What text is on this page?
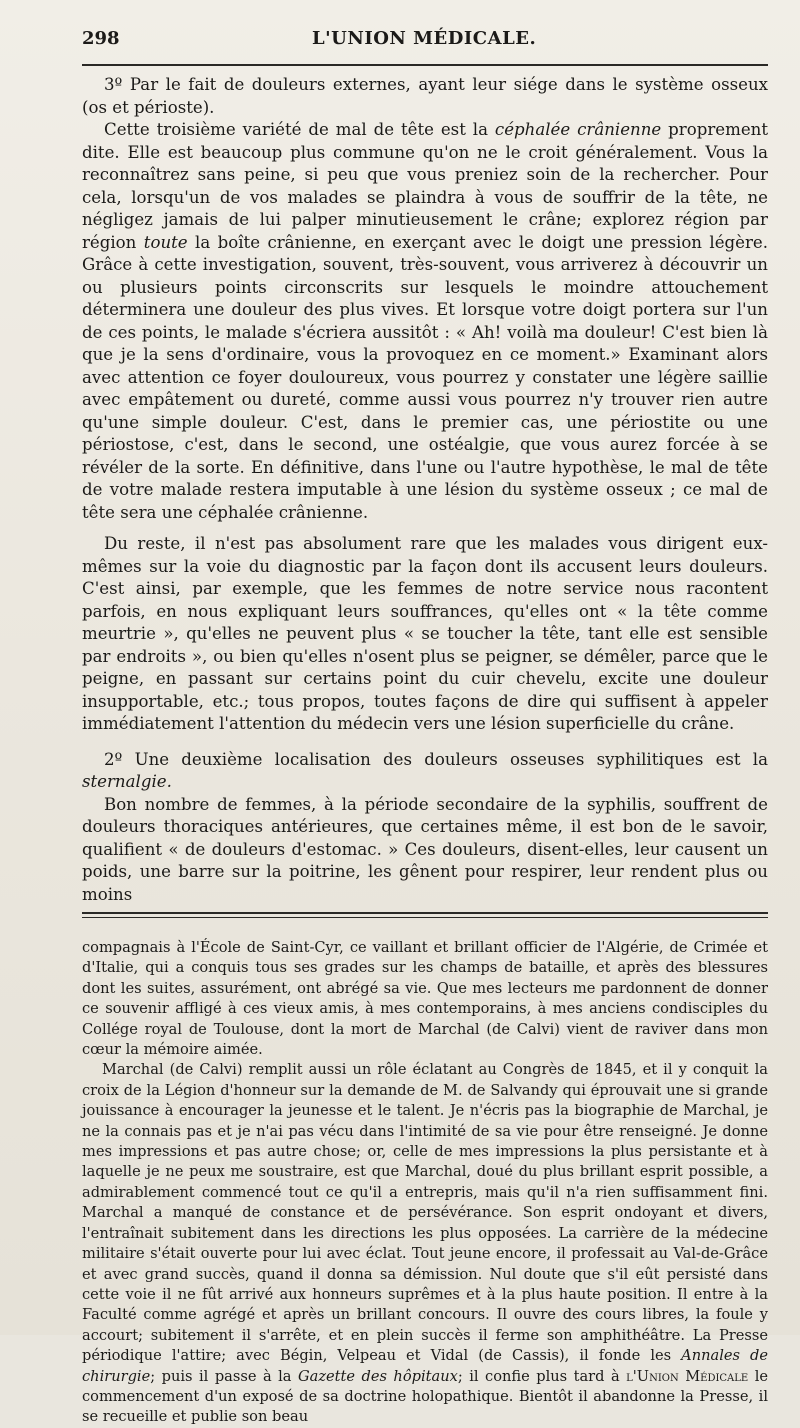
298	L'UNION MÉDICALE.

3º Par le fait de douleurs externes, ayant leur siége dans le système osseux (os et périoste).

Cette troisième variété de mal de tête est la céphalée crânienne proprement dite. Elle est beaucoup plus commune qu'on ne le croit généralement. Vous la reconnaîtrez sans peine, si peu que vous preniez soin de la rechercher. Pour cela, lorsqu'un de vos malades se plaindra à vous de souffrir de la tête, ne négligez jamais de lui palper minutieusement le crâne; explorez région par région toute la boîte crânienne, en exerçant avec le doigt une pression légère. Grâce à cette investigation, souvent, très-souvent, vous arriverez à découvrir un ou plusieurs points circonscrits sur lesquels le moindre attouchement déterminera une douleur des plus vives. Et lorsque votre doigt portera sur l'un de ces points, le malade s'écriera aussitôt : « Ah! voilà ma douleur! C'est bien là que je la sens d'ordinaire, vous la provoquez en ce moment.» Examinant alors avec attention ce foyer douloureux, vous pourrez y constater une légère saillie avec empâtement ou dureté, comme aussi vous pourrez n'y trouver rien autre qu'une simple douleur. C'est, dans le premier cas, une périostite ou une périostose, c'est, dans le second, une ostéalgie, que vous aurez forcée à se révéler de la sorte. En définitive, dans l'une ou l'autre hypothèse, le mal de tête de votre malade restera imputable à une lésion du système osseux ; ce mal de tête sera une céphalée crânienne.

Du reste, il n'est pas absolument rare que les malades vous dirigent eux-mêmes sur la voie du diagnostic par la façon dont ils accusent leurs douleurs. C'est ainsi, par exemple, que les femmes de notre service nous racontent parfois, en nous expliquant leurs souffrances, qu'elles ont « la tête comme meurtrie », qu'elles ne peuvent plus « se toucher la tête, tant elle est sensible par endroits », ou bien qu'elles n'osent plus se peigner, se démêler, parce que le peigne, en passant sur certains point du cuir chevelu, excite une douleur insupportable, etc.; tous propos, toutes façons de dire qui suffisent à appeler immédiatement l'attention du médecin vers une lésion superficielle du crâne.

2º Une deuxième localisation des douleurs osseuses syphilitiques est la sternalgie.

Bon nombre de femmes, à la période secondaire de la syphilis, souffrent de douleurs thoraciques antérieures, que certaines même, il est bon de le savoir, qualifient « de douleurs d'estomac. » Ces douleurs, disent-elles, leur causent un poids, une barre sur la poitrine, les gênent pour respirer, leur rendent plus ou moins

compagnais à l'École de Saint-Cyr, ce vaillant et brillant officier de l'Algérie, de Crimée et d'Italie, qui a conquis tous ses grades sur les champs de bataille, et après des blessures dont les suites, assurément, ont abrégé sa vie. Que mes lecteurs me pardonnent de donner ce souvenir affligé à ces vieux amis, à mes contemporains, à mes anciens condisciples du Collége royal de Toulouse, dont la mort de Marchal (de Calvi) vient de raviver dans mon cœur la mémoire aimée.

Marchal (de Calvi) remplit aussi un rôle éclatant au Congrès de 1845, et il y conquit la croix de la Légion d'honneur sur la demande de M. de Salvandy qui éprouvait une si grande jouissance à encourager la jeunesse et le talent. Je n'écris pas la biographie de Marchal, je ne la connais pas et je n'ai pas vécu dans l'intimité de sa vie pour être renseigné. Je donne mes impressions et pas autre chose; or, celle de mes impressions la plus persistante et à laquelle je ne peux me soustraire, est que Marchal, doué du plus brillant esprit possible, a admirablement commencé tout ce qu'il a entrepris, mais qu'il n'a rien suffisamment fini. Marchal a manqué de constance et de persévérance. Son esprit ondoyant et divers, l'entraînait subitement dans les directions les plus opposées. La carrière de la médecine militaire s'était ouverte pour lui avec éclat. Tout jeune encore, il professait au Val-de-Grâce et avec grand succès, quand il donna sa démission. Nul doute que s'il eût persisté dans cette voie il ne fût arrivé aux honneurs suprêmes et à la plus haute position. Il entre à la Faculté comme agrégé et après un brillant concours. Il ouvre des cours libres, la foule y accourt; subitement il s'arrête, et en plein succès il ferme son amphithéâtre. La Presse périodique l'attire; avec Bégin, Velpeau et Vidal (de Cassis), il fonde les Annales de chirurgie; puis il passe à la Gazette des hôpitaux; il confie plus tard à l'Union Médicale le commencement d'un exposé de sa doctrine holopathique. Bientôt il abandonne la Presse, il se recueille et publie son beau
